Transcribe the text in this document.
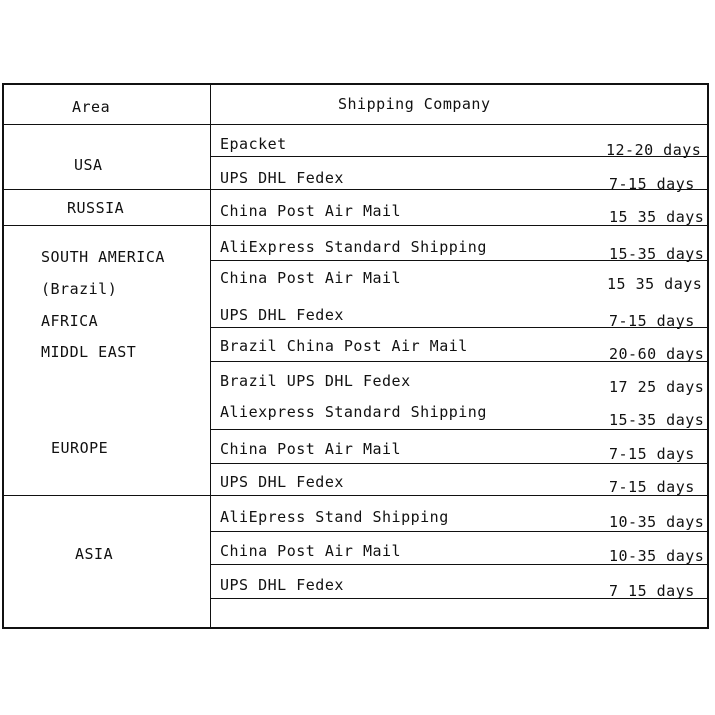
Area	Shipping Company
USA
RUSSIA
SOUTH AMERICA
(Brazil)
AFRICA
MIDDL EAST
EUROPE
ASIA
Epacket
UPS DHL Fedex
China Post Air Mail
AliExpress Standard Shipping
China Post Air Mail
UPS DHL Fedex
Brazil China Post Air Mail
Brazil UPS DHL Fedex
Aliexpress Standard Shipping
China Post Air Mail
UPS DHL Fedex
AliEpress Stand Shipping
China Post Air Mail
UPS DHL Fedex
12-20 days
7-15 days
15 35 days
15-35 days
15 35 days
7-15 days
20-60 days
17 25 days
15-35 days
7-15 days
7-15 days
10-35 days
10-35 days
7 15 days
